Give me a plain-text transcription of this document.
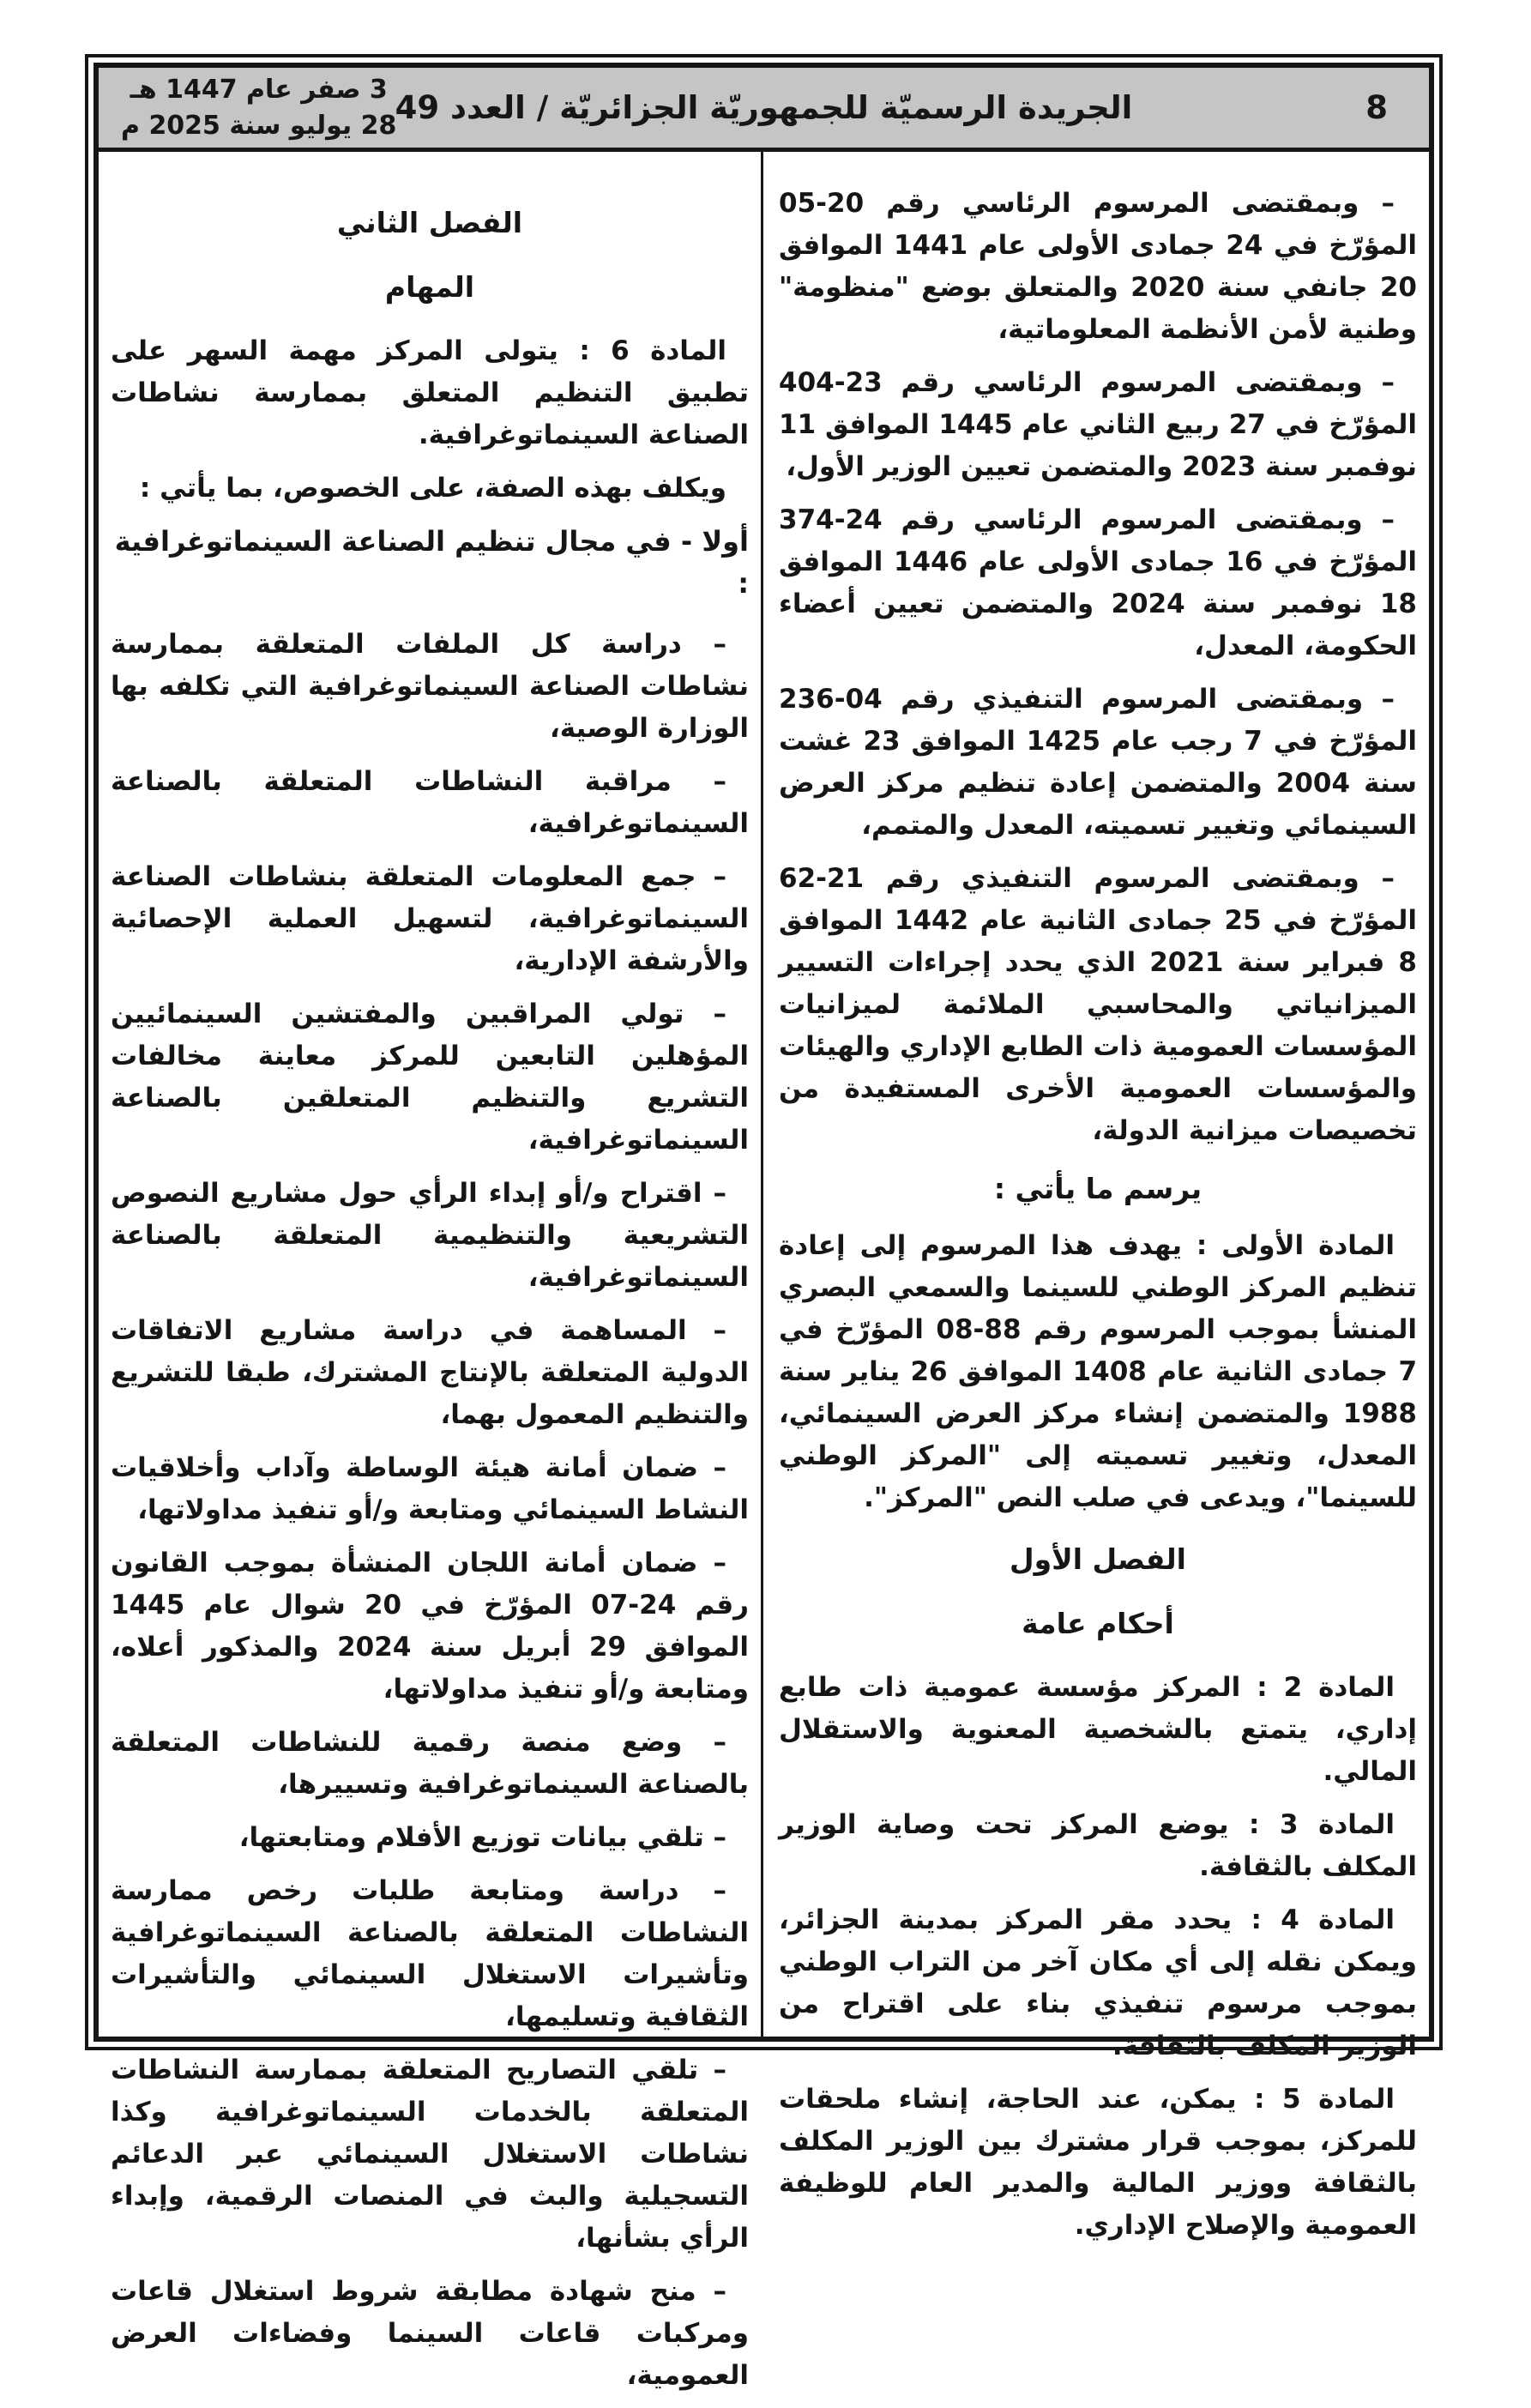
8
الجريدة الرسميّة للجمهوريّة الجزائريّة / العدد 49
3 صفر عام 1447 هـ
28 يوليو سنة 2025 م

– وبمقتضى المرسوم الرئاسي رقم 20-05 المؤرّخ في 24 جمادى الأولى عام 1441 الموافق 20 جانفي سنة 2020 والمتعلق بوضع "منظومة" وطنية لأمن الأنظمة المعلوماتية،

– وبمقتضى المرسوم الرئاسي رقم 23-404 المؤرّخ في 27 ربيع الثاني عام 1445 الموافق 11 نوفمبر سنة 2023 والمتضمن تعيين الوزير الأول،

– وبمقتضى المرسوم الرئاسي رقم 24-374 المؤرّخ في 16 جمادى الأولى عام 1446 الموافق 18 نوفمبر سنة 2024 والمتضمن تعيين أعضاء الحكومة، المعدل،

– وبمقتضى المرسوم التنفيذي رقم 04-236 المؤرّخ في 7 رجب عام 1425 الموافق 23 غشت سنة 2004 والمتضمن إعادة تنظيم مركز العرض السينمائي وتغيير تسميته، المعدل والمتمم،

– وبمقتضى المرسوم التنفيذي رقم 21-62 المؤرّخ في 25 جمادى الثانية عام 1442 الموافق 8 فبراير سنة 2021 الذي يحدد إجراءات التسيير الميزانياتي والمحاسبي الملائمة لميزانيات المؤسسات العمومية ذات الطابع الإداري والهيئات والمؤسسات العمومية الأخرى المستفيدة من تخصيصات ميزانية الدولة،

يرسم ما يأتي :

المادة الأولى : يهدف هذا المرسوم إلى إعادة تنظيم المركز الوطني للسينما والسمعي البصري المنشأ بموجب المرسوم رقم 88-08 المؤرّخ في 7 جمادى الثانية عام 1408 الموافق 26 يناير سنة 1988 والمتضمن إنشاء مركز العرض السينمائي، المعدل، وتغيير تسميته إلى "المركز الوطني للسينما"، ويدعى في صلب النص "المركز".

الفصل الأول

أحكام عامة

المادة 2 : المركز مؤسسة عمومية ذات طابع إداري، يتمتع بالشخصية المعنوية والاستقلال المالي.

المادة 3 : يوضع المركز تحت وصاية الوزير المكلف بالثقافة.

المادة 4 : يحدد مقر المركز بمدينة الجزائر، ويمكن نقله إلى أي مكان آخر من التراب الوطني بموجب مرسوم تنفيذي بناء على اقتراح من الوزير المكلف بالثقافة.

المادة 5 : يمكن، عند الحاجة، إنشاء ملحقات للمركز، بموجب قرار مشترك بين الوزير المكلف بالثقافة ووزير المالية والمدير العام للوظيفة العمومية والإصلاح الإداري.

الفصل الثاني

المهام

المادة 6 : يتولى المركز مهمة السهر على تطبيق التنظيم المتعلق بممارسة نشاطات الصناعة السينماتوغرافية.

ويكلف بهذه الصفة، على الخصوص، بما يأتي :

أولا - في مجال تنظيم الصناعة السينماتوغرافية :

– دراسة كل الملفات المتعلقة بممارسة نشاطات الصناعة السينماتوغرافية التي تكلفه بها الوزارة الوصية،

– مراقبة النشاطات المتعلقة بالصناعة السينماتوغرافية،

– جمع المعلومات المتعلقة بنشاطات الصناعة السينماتوغرافية، لتسهيل العملية الإحصائية والأرشفة الإدارية،

– تولي المراقبين والمفتشين السينمائيين المؤهلين التابعين للمركز معاينة مخالفات التشريع والتنظيم المتعلقين بالصناعة السينماتوغرافية،

– اقتراح و/أو إبداء الرأي حول مشاريع النصوص التشريعية والتنظيمية المتعلقة بالصناعة السينماتوغرافية،

– المساهمة في دراسة مشاريع الاتفاقات الدولية المتعلقة بالإنتاج المشترك، طبقا للتشريع والتنظيم المعمول بهما،

– ضمان أمانة هيئة الوساطة وآداب وأخلاقيات النشاط السينمائي ومتابعة و/أو تنفيذ مداولاتها،

– ضمان أمانة اللجان المنشأة بموجب القانون رقم 24-07 المؤرّخ في 20 شوال عام 1445 الموافق 29 أبريل سنة 2024 والمذكور أعلاه، ومتابعة و/أو تنفيذ مداولاتها،

– وضع منصة رقمية للنشاطات المتعلقة بالصناعة السينماتوغرافية وتسييرها،

– تلقي بيانات توزيع الأفلام ومتابعتها،

– دراسة ومتابعة طلبات رخص ممارسة النشاطات المتعلقة بالصناعة السينماتوغرافية وتأشيرات الاستغلال السينمائي والتأشيرات الثقافية وتسليمها،

– تلقي التصاريح المتعلقة بممارسة النشاطات المتعلقة بالخدمات السينماتوغرافية وكذا نشاطات الاستغلال السينمائي عبر الدعائم التسجيلية والبث في المنصات الرقمية، وإبداء الرأي بشأنها،

– منح شهادة مطابقة شروط استغلال قاعات ومركبات قاعات السينما وفضاءات العرض العمومية،
